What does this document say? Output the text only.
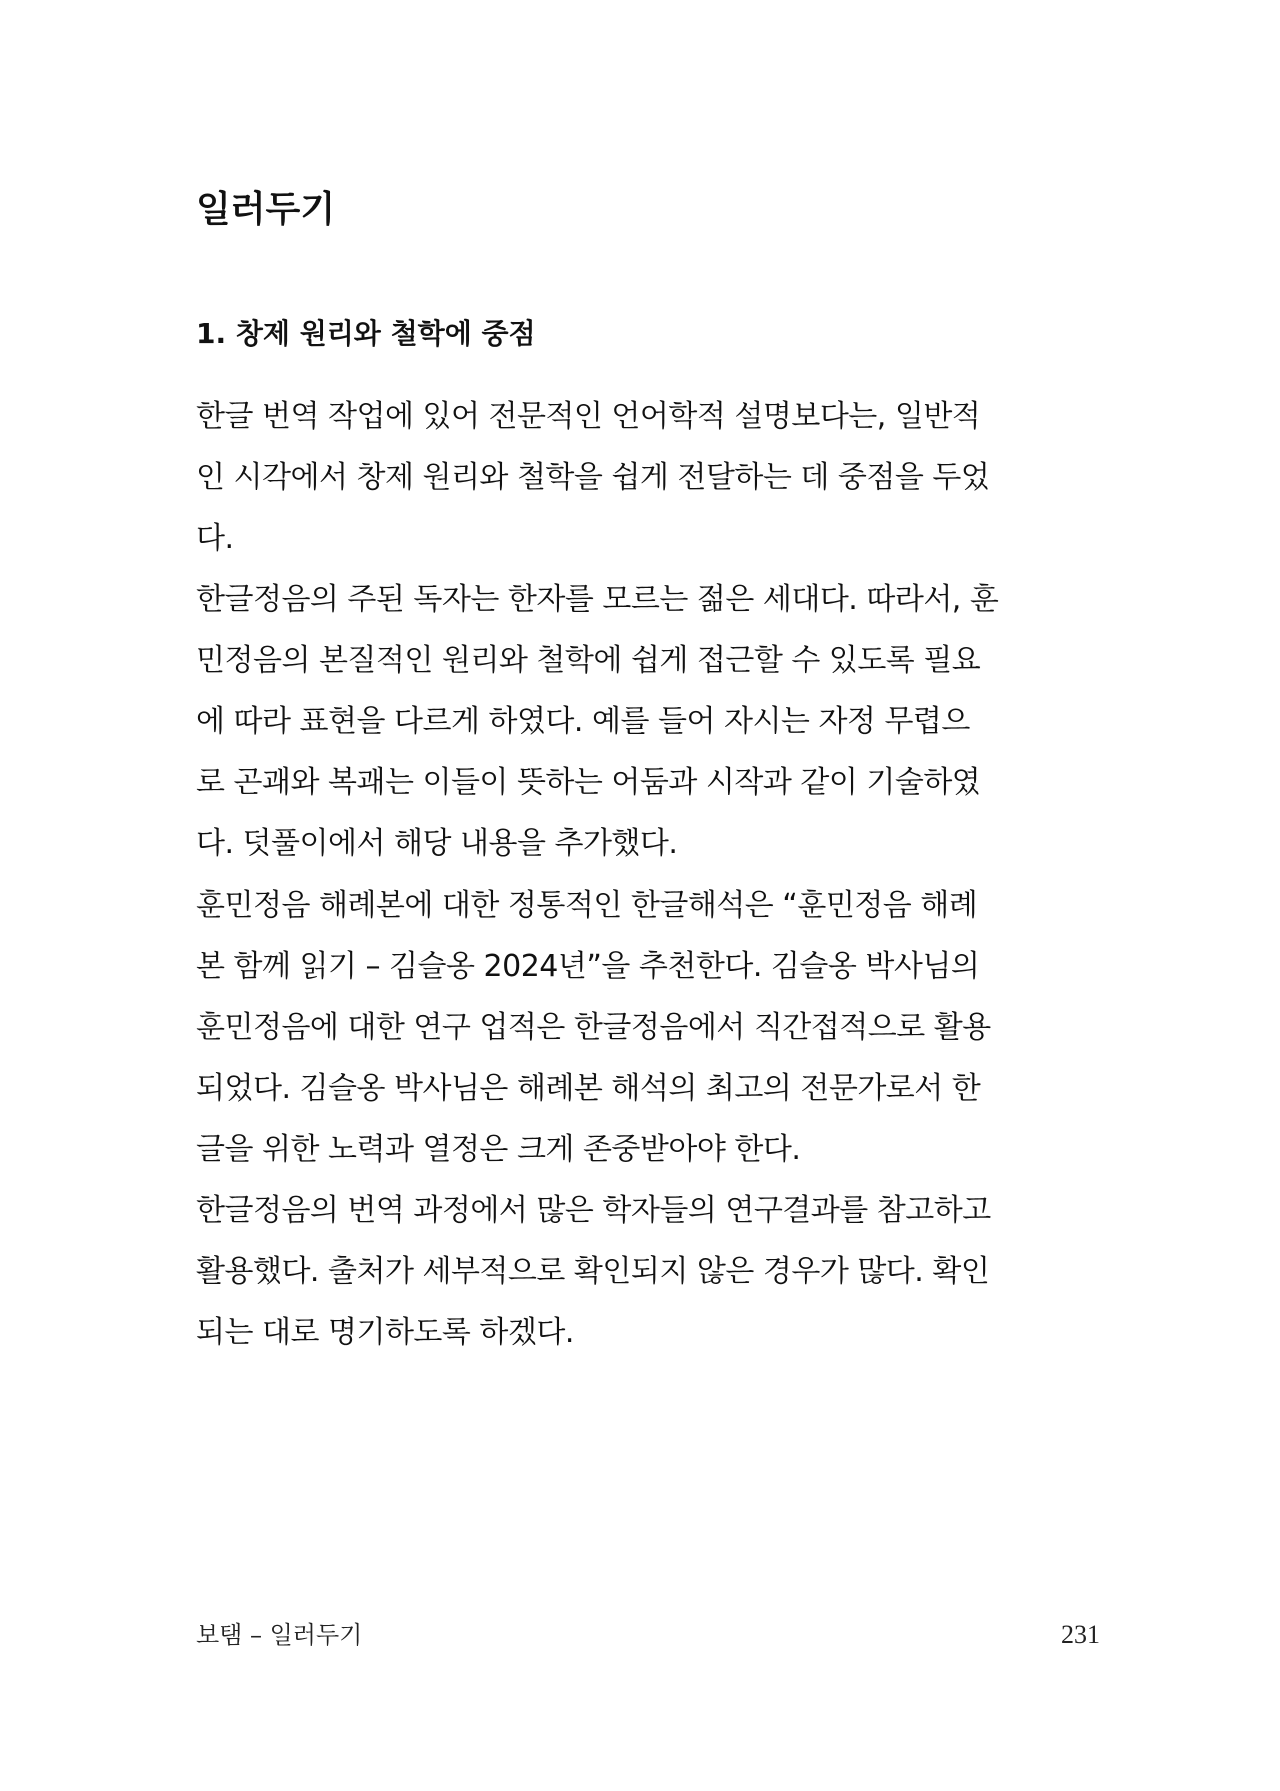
일러두기
1. 창제 원리와 철학에 중점
한글 번역 작업에 있어 전문적인 언어학적 설명보다는, 일반적
인 시각에서 창제 원리와 철학을 쉽게 전달하는 데 중점을 두었
다.
한글정음의 주된 독자는 한자를 모르는 젊은 세대다. 따라서, 훈
민정음의 본질적인 원리와 철학에 쉽게 접근할 수 있도록 필요
에 따라 표현을 다르게 하였다. 예를 들어 자시는 자정 무렵으
로 곤괘와 복괘는 이들이 뜻하는 어둠과 시작과 같이 기술하였
다. 덧풀이에서 해당 내용을 추가했다.
훈민정음 해례본에 대한 정통적인 한글해석은 “훈민정음 해례
본 함께 읽기 – 김슬옹 2024년”을 추천한다. 김슬옹 박사님의
훈민정음에 대한 연구 업적은 한글정음에서 직간접적으로 활용
되었다. 김슬옹 박사님은 해례본 해석의 최고의 전문가로서 한
글을 위한 노력과 열정은 크게 존중받아야 한다.
한글정음의 번역 과정에서 많은 학자들의 연구결과를 참고하고
활용했다. 출처가 세부적으로 확인되지 않은 경우가 많다. 확인
되는 대로 명기하도록 하겠다.
보탬 – 일러두기	231
